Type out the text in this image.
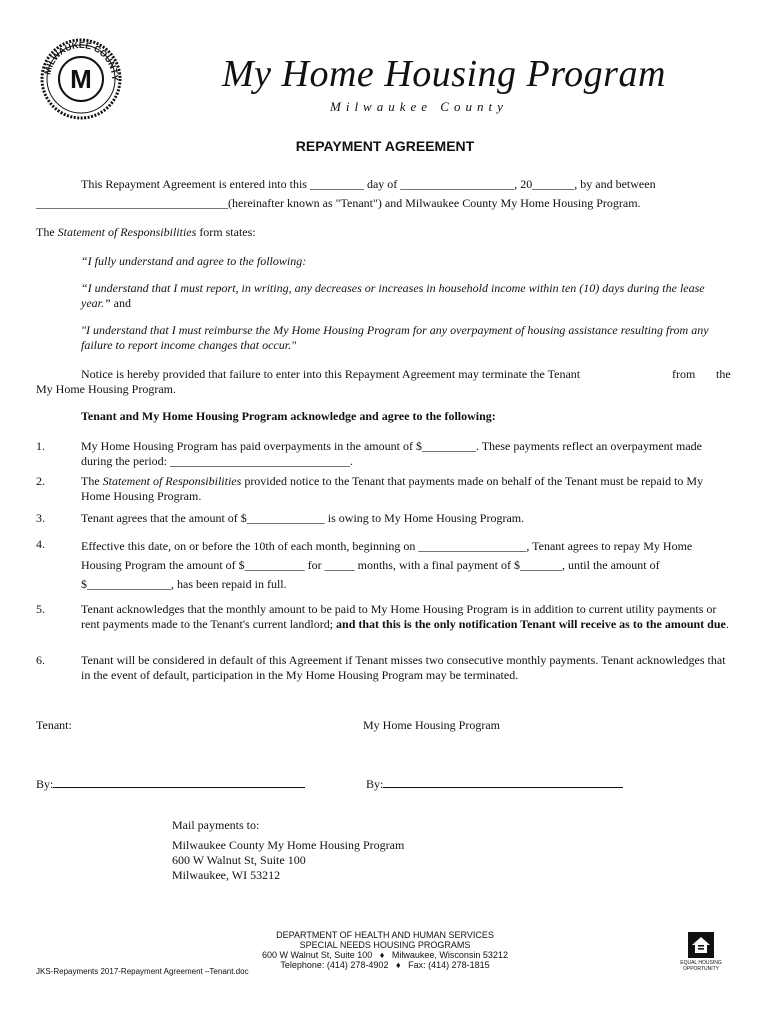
MILWAUKEE COUNTY
M	My Home Housing Program
Milwaukee County
REPAYMENT AGREEMENT
This Repayment Agreement is entered into this _________ day of ___________________, 20_______, by and between
________________________________(hereinafter known as "Tenant") and Milwaukee County My Home Housing Program.
The Statement of Responsibilities form states:
“I fully understand and agree to the following:
“I understand that I must report, in writing, any decreases or increases in household income within ten (10) days during the lease year.” and
"I understand that I must reimburse the My Home Housing Program for any overpayment of housing assistance resulting from any failure to report income changes that occur."
Notice is hereby provided that failure to enter into this Repayment Agreement may terminate the Tenant	from the
My Home Housing Program.
Tenant and My Home Housing Program acknowledge and agree to the following:
1.	My Home Housing Program has paid overpayments in the amount of $_________. These payments reflect an overpayment made during the period: ______________________________.
2.	The Statement of Responsibilities provided notice to the Tenant that payments made on behalf of the Tenant must be repaid to My Home Housing Program.
3.	Tenant agrees that the amount of $_____________ is owing to My Home Housing Program.
4.	Effective this date, on or before the 10th of each month, beginning on __________________, Tenant agrees to repay My Home Housing Program the amount of $__________ for _____ months, with a final payment of $_______, until the amount of $______________, has been repaid in full.
5.	Tenant acknowledges that the monthly amount to be paid to My Home Housing Program is in addition to current utility payments or rent payments made to the Tenant's current landlord; and that this is the only notification Tenant will receive as to the amount due.
6.	Tenant will be considered in default of this Agreement if Tenant misses two consecutive monthly payments. Tenant acknowledges that in the event of default, participation in the My Home Housing Program may be terminated.
Tenant:	My Home Housing Program
By:	By:
Mail payments to:
Milwaukee County My Home Housing Program
600 W Walnut St, Suite 100
Milwaukee, WI 53212
DEPARTMENT OF HEALTH AND HUMAN SERVICES
SPECIAL NEEDS HOUSING PROGRAMS
600 W Walnut St, Suite 100 ♦ Milwaukee, Wisconsin 53212
Telephone: (414) 278-4902 ♦ Fax: (414) 278-1815
JKS-Repayments 2017-Repayment Agreement –Tenant.doc
EQUAL HOUSING
OPPORTUNITY
